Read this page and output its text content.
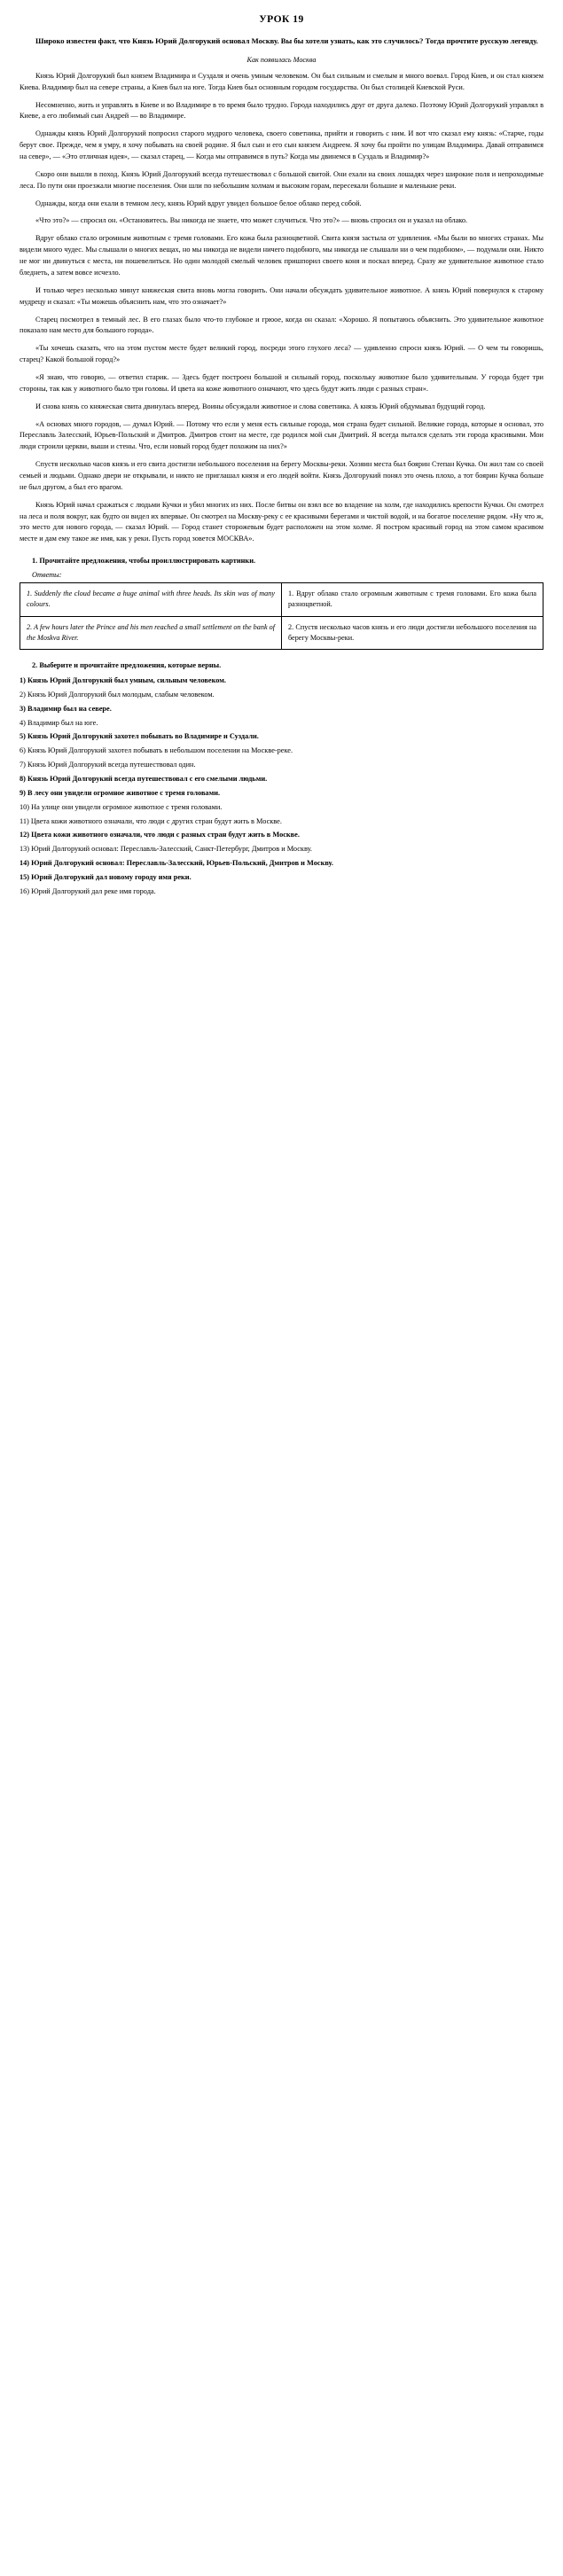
УРОК 19
Широко известен факт, что Князь Юрий Долгорукий основал Москву. Вы бы хотели узнать, как это случилось? Тогда прочтите русскую легенду.
Как появилась Москва

Князь Юрий Долгорукий был князем Владимира и Суздаля и очень умным человеком. Он был сильным и смелым и много воевал. Город Киев, и он стал князем Киева. Владимир был на севере страны, а Киев был на юге. Тогда Киев был основным городом государства. Он был столицей Киевской Руси.

Несомненно, жить и управлять в Киеве и во Владимире в то время было трудно. Города находились друг от друга далеко. Поэтому Юрий Долгорукий управлял в Киеве, а его любимый сын Андрей — во Владимире.

Однажды князь Юрий Долгорукий попросил старого мудрого человека, своего советника, прийти и говорить с ним. И вот что сказал ему князь: «Старче, годы берут свое. Прежде, чем я умру, я хочу побывать на своей родине. Я был сын и его сын князем Андреем. Я хочу бы пройти по улицам Владимира. Давай отправимся на север», — «Это отличная идея», — сказал старец, — Когда мы отправимся в путь? Когда мы двинемся в Суздаль и Владимир?»

Скоро они вышли в поход. Князь Юрий Долгорукий всегда путешествовал с большой свитой. Они ехали на своих лошадях через широкие поля и непроходимые леса. По пути они проезжали многие поселения. Они шли по небольшим холмам и высоким горам, пересекали большие и маленькие реки.

Однажды, когда они ехали в темном лесу, князь Юрий вдруг увидел большое белое облако перед собой.

«Что это?» — спросил он. «Остановитесь. Вы никогда не знаете, что может случиться. Что это?» — вновь спросил он и указал на облако.

Вдруг облако стало огромным животным с тремя головами. Его кожа была разноцветной. Свита князя застыла от удивления. «Мы были во многих странах. Мы видели много чудес. Мы слышали о многих вещах, но мы никогда не видели ничего подобного, мы никогда не слышали ни о чем подобном», — подумали они. Никто не мог ни двинуться с места, ни пошевелиться. Но один молодой смелый человек пришпорил своего коня и поскал вперед. Сразу же удивительное животное стало бледнеть, а затем вовсе исчезло.

И только через несколько минут княжеская свита вновь могла говорить. Они начали обсуждать удивительное животное. А князь Юрий повернулся к старому мудрецу и сказал: «Ты можешь объяснить нам, что это означает?»

Старец посмотрел в темный лес. В его глазах было что-то глубокое и грюое, когда он сказал: «Хорошо. Я попытаюсь объяснить. Это удивительное животное показало нам место для большого города».

«Ты хочешь сказать, что на этом пустом месте будет великий город, посреди этого глухого леса? — удивленно спроси князь Юрий. — О чем ты говоришь, старец? Какой большой город?»

«Я знаю, что говорю, — ответил старик. — Здесь будет построен большой и сильный город, поскольку животное было удивительным. У города будет три стороны, так как у животного было три головы. И цвета на коже животного означают, что здесь будут жить люди с разных стран».

И снова князь со княжеская свита двинулась вперед. Воины обсуждали животное и слова советника. А князь Юрий обдумывал будущий город.

«А основах много городов, — думал Юрий. — Потому что если у меня есть сильные города, моя страна будет сильной. Великие города, которые я основал, это Переславль Залесский, Юрьев-Польский и Дмитров. Дмитров стоит на месте, где родился мой сын Дмитрий. Я всегда пытался сделать эти города красивыми. Мои люди строили церкви, выши и стены. Что, если новый город будет похожим на них?»

Спустя несколько часов князь и его свита достигли небольшого поселения на берегу Москвы-реки. Хозяин места был боярин Степан Кучка. Он жил там со своей семьей и людьми. Однако двери не открывали, и никто не приглашал князя и его людей войти. Князь Долгорукий понял это очень плохо, а тот боярин Кучка больше не был другом, а был его врагом.

Князь Юрий начал сражаться с людьми Кучки и убил многих из них. После битвы он взял все во владение на холм, где находились крепости Кучки. Он смотрел на леса и поля вокруг, как будто он видел их впервые. Он смотрел на Москву-реку с ее красивыми берегами и чистой водой, и на богатое поселение рядом. «Ну что ж, это место для нового города, — сказал Юрий. — Город станет сторожевым будет расположен на этом холме. Я постром красивый город на этом самом красивом месте и дам ему такое же имя, как у реки. Пусть город зовется МОСКВА».

1. Прочитайте предложения, чтобы проиллюстрировать картинки.
Ответы:
1. Suddenly the cloud became a huge animal with three heads. Its skin was of many colours.	1. Вдруг облако стало огромным животным с тремя головами. Его кожа была разноцветной.
2. A few hours later the Prince and his men reached a small settlement on the bank of the Moskva River.	2. Спустя несколько часов князь и его люди достигли небольшого поселения на берегу Москвы-реки.
2. Выберите и прочитайте предложения, которые верны.
1) Князь Юрий Долгорукий был умным, сильным человеком.
2) Князь Юрий Долгорукий был молодым, слабым человеком.
3) Владимир был на севере.
4) Владимир был на юге.
5) Князь Юрий Долгорукий захотел побывать во Владимире и Суздали.
6) Князь Юрий Долгорукий захотел побывать в небольшом поселении на Москве-реке.
7) Князь Юрий Долгорукий всегда путешествовал один.
8) Князь Юрий Долгорукий всегда путешествовал с его смелыми людьми.
9) В лесу они увидели огромное животное с тремя головами.
10) На улице они увидели огромное животное с тремя головами.
11) Цвета кожи животного означали, что люди с других стран будут жить в Москве.
12) Цвета кожи животного означали, что люди с разных стран будут жить в Москве.
13) Юрий Долгорукий основал: Переславль-Залесский, Санкт-Петербург, Дмитров и Москву.
14) Юрий Долгорукий основал: Переславль-Залесский, Юрьев-Польский, Дмитров и Москву.
15) Юрий Долгорукий дал новому городу имя реки.
16) Юрий Долгорукий дал реке имя города.
